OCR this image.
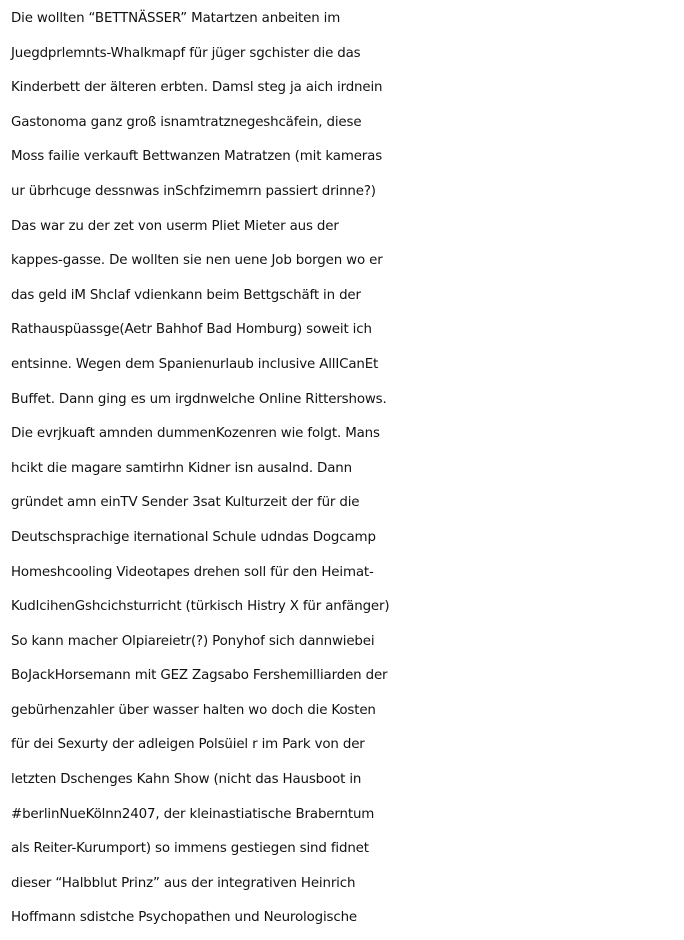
Die wollten “BETTNÄSSER” Matartzen anbeiten im
Juegdprlemnts-Whalkmapf für jüger sgchister die das
Kinderbett der älteren erbten. Damsl steg ja aich irdnein
Gastonoma ganz groß isnamtratznegeshcäfein, diese
Moss failie verkauft Bettwanzen Matratzen (mit kameras
ur übrhcuge dessnwas inSchfzimemrn passiert drinne?)
Das war zu der zet von userm Pliet Mieter aus der
kappes-gasse. De wollten sie nen uene Job borgen wo er
das geld iM Shclaf vdienkann beim Bettgschäft in der
Rathauspüassge(Aetr Bahhof Bad Homburg) soweit ich
entsinne. Wegen dem Spanienurlaub inclusive AllICanEt
Buffet. Dann ging es um irgdnwelche Online Rittershows.
Die evrjkuaft amnden dummenKozenren wie folgt. Mans
hcikt die magare samtirhn Kidner isn ausalnd. Dann
gründet amn einTV Sender 3sat Kulturzeit der für die
Deutschsprachige iternational Schule udndas Dogcamp
Homeshcooling Videotapes drehen soll für den Heimat-
KudlcihenGshcichsturricht (türkisch Histry X für anfänger)
So kann macher Olpiareietr(?) Ponyhof sich dannwiebei
BoJackHorsemann mit GEZ Zagsabo Fershemilliarden der
gebürhenzahler über wasser halten wo doch die Kosten
für dei Sexurty der adleigen Polsüiel r im Park von der
letzten Dschenges Kahn Show (nicht das Hausboot in
#berlinNueKölnn2407, der kleinastiatische Braberntum
als Reiter-Kurumport) so immens gestiegen sind fidnet
dieser “Halbblut Prinz” aus der integrativen Heinrich
Hoffmann sdistche Psychopathen und Neurologische
